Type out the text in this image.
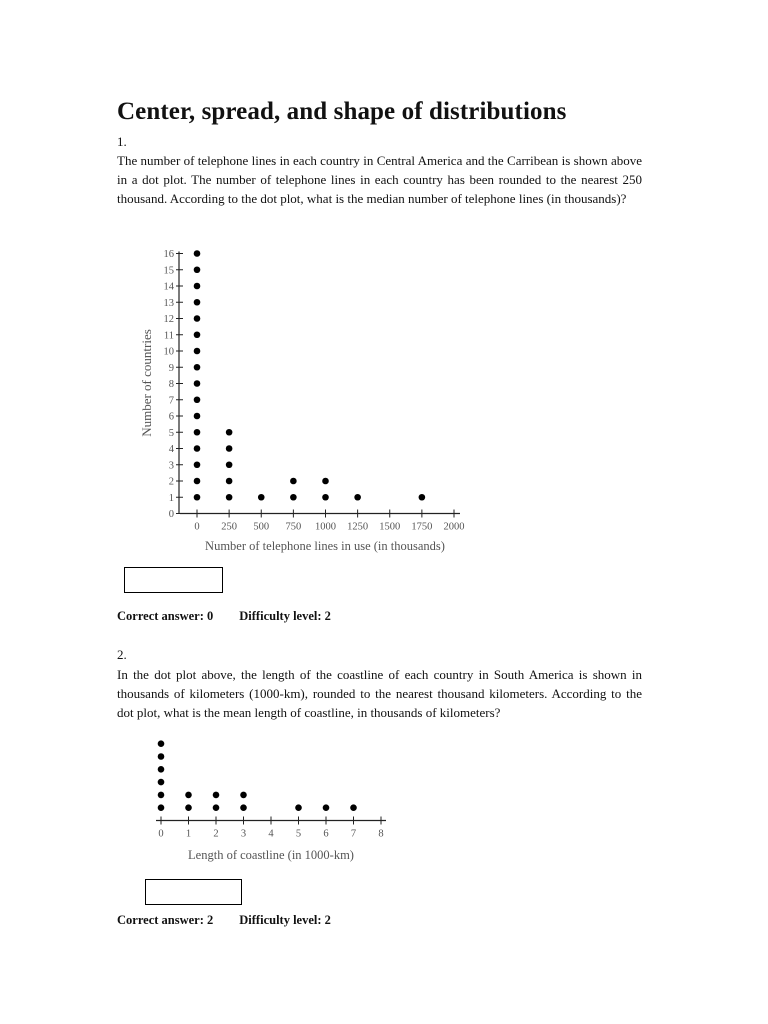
Center, spread, and shape of distributions
1.

The number of telephone lines in each country in Central America and the Carribean is shown above in a dot plot. The number of telephone lines in each country has been rounded to the nearest 250 thousand. According to the dot plot, what is the median number of telephone lines (in thousands)?

Number of countries
Number of telephone lines in use (in thousands)
0 250 500 750 1000 1250 1500 1750 2000
0
1
2
3
4
5
6
7
8
9
10
11
12
13
14
15
16
Correct answer: 0 Difficulty level: 2
2.

In the dot plot above, the length of the coastline of each country in South America is shown in thousands of kilometers (1000-km), rounded to the nearest thousand kilometers. According to the dot plot, what is the mean length of coastline, in thousands of kilometers?

Length of coastline (in 1000-km)
0 1 2 3 4 5 6 7 8
Correct answer: 2 Difficulty level: 2
